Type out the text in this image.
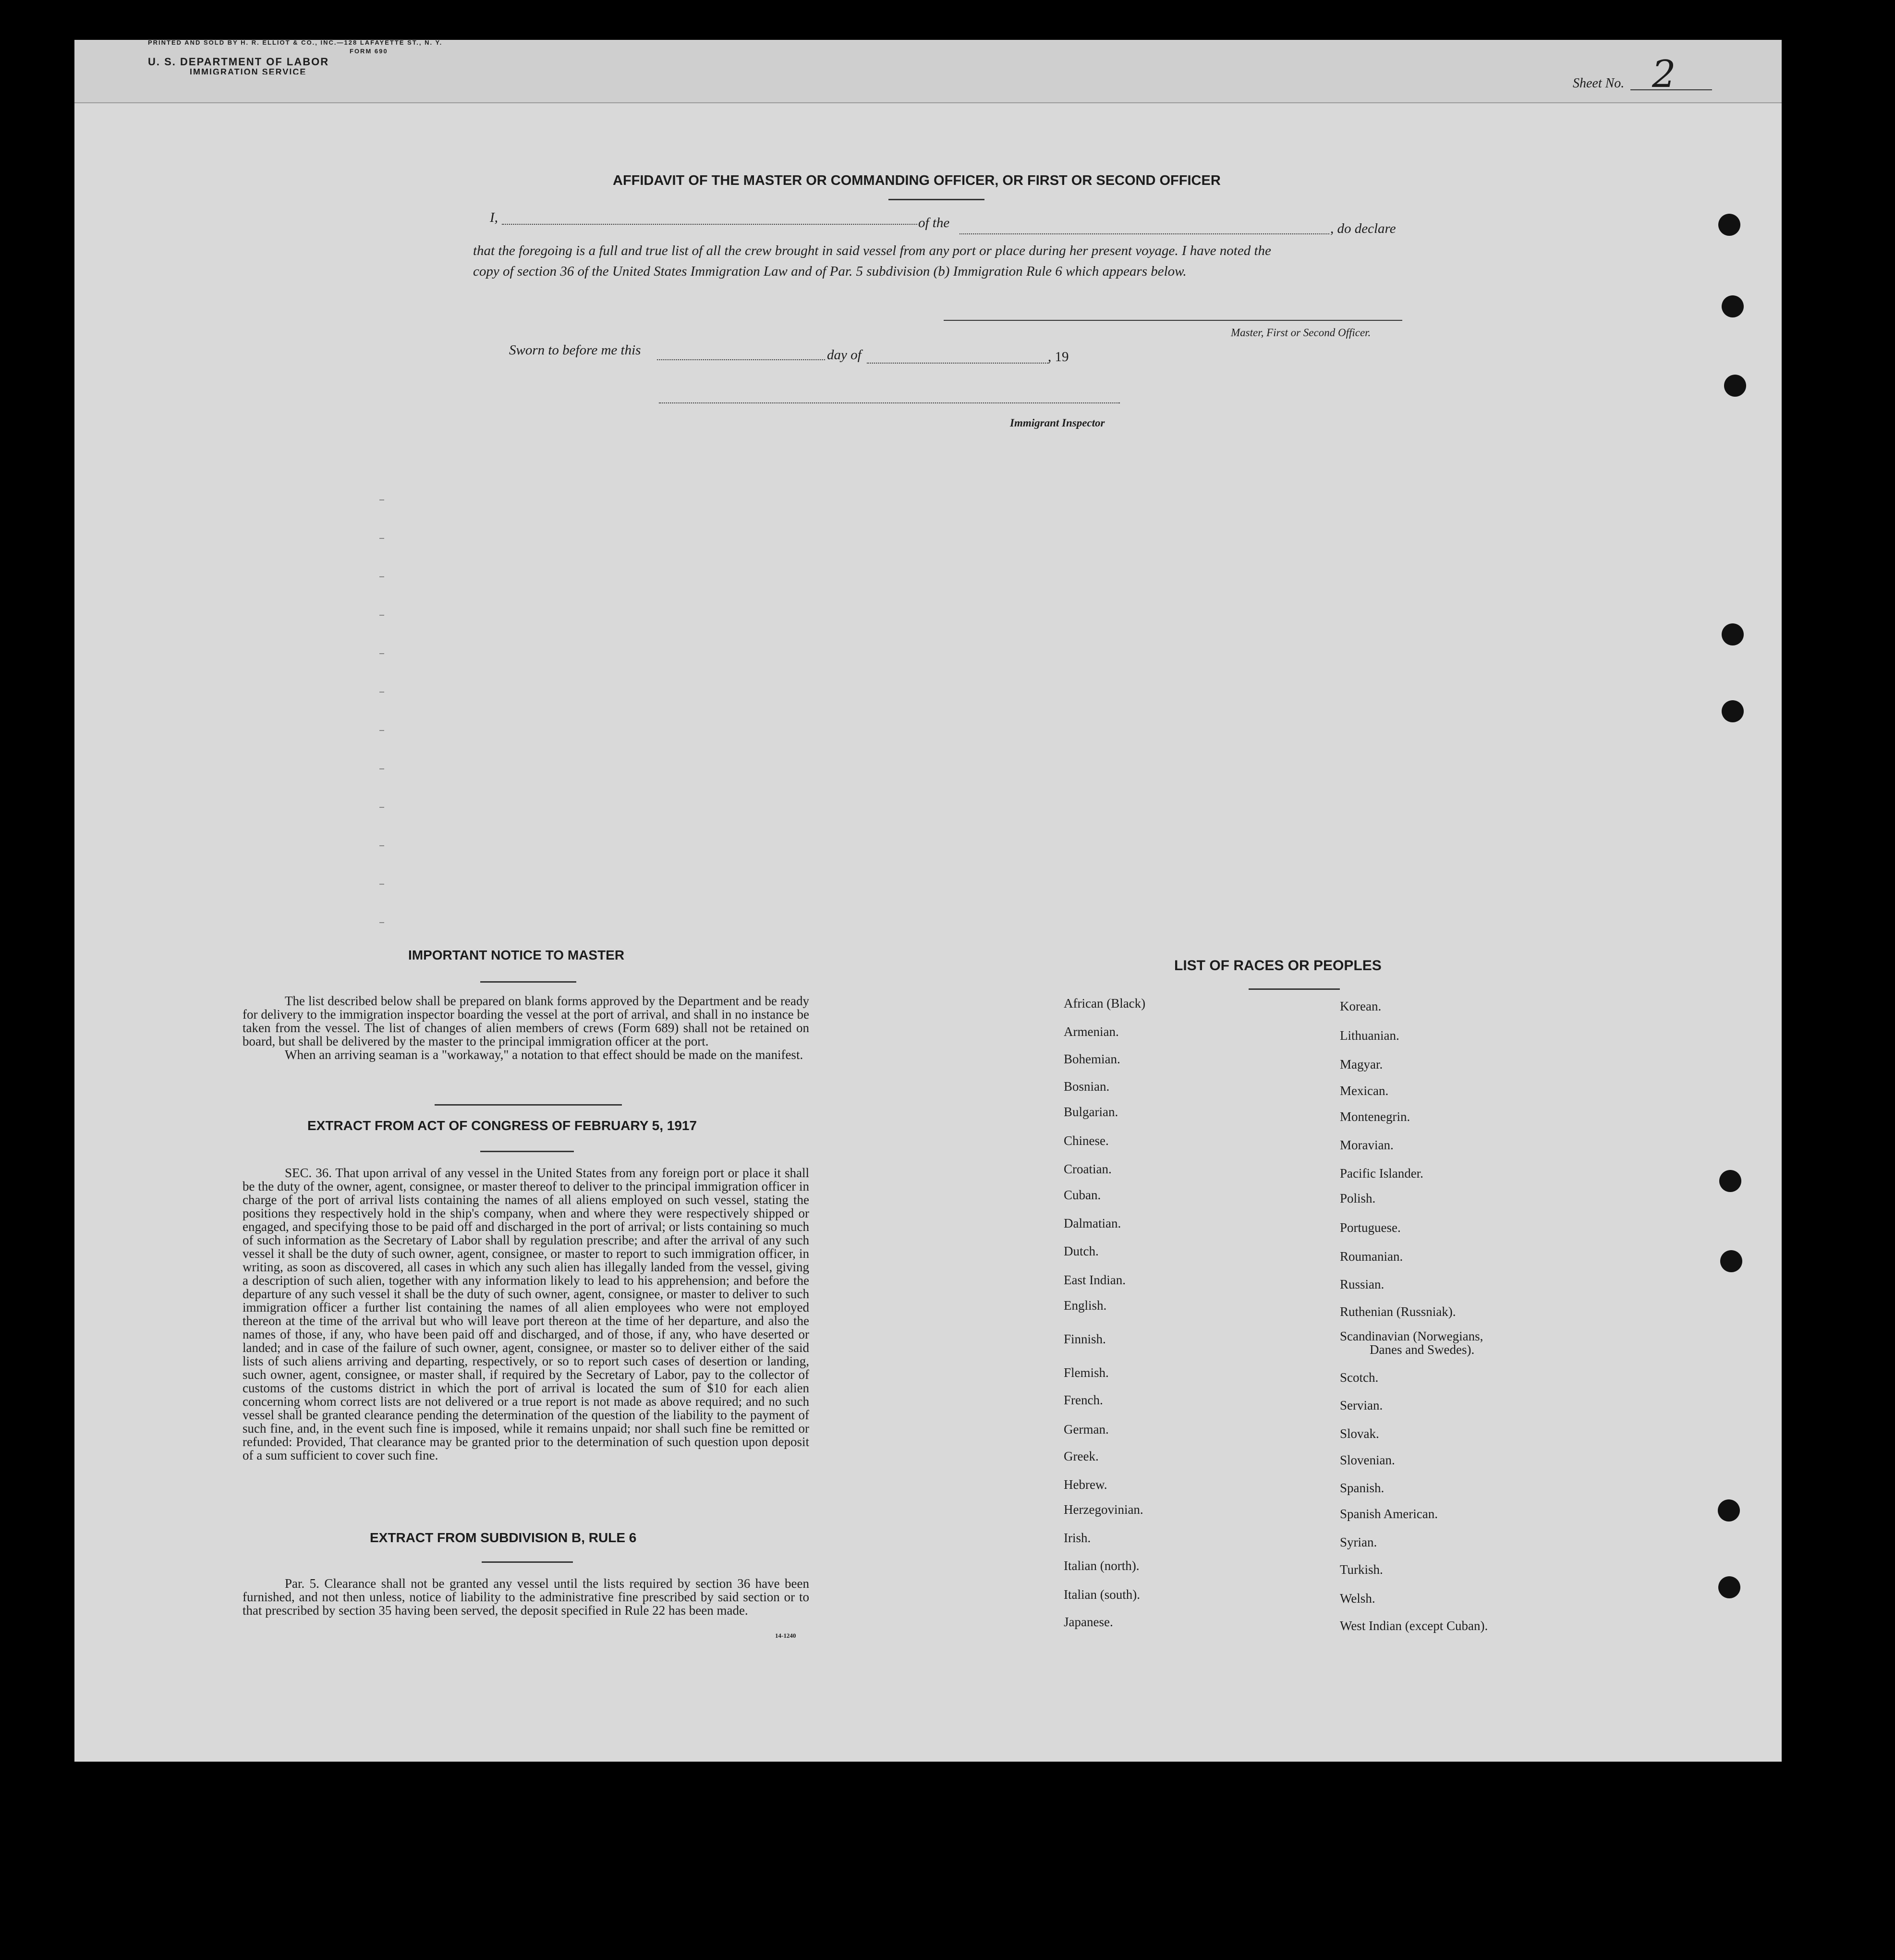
PRINTED AND SOLD BY H. R. ELLIOT & CO., INC.—128 LAFAYETTE ST., N. Y.
FORM 690
U. S. DEPARTMENT OF LABOR
IMMIGRATION SERVICE
Sheet No. 2
AFFIDAVIT OF THE MASTER OR COMMANDING OFFICER, OR FIRST OR SECOND OFFICER
I,	of the	, do declare
that the foregoing is a full and true list of all the crew brought in said vessel from any port or place during her present voyage. I have noted the
copy of section 36 of the United States Immigration Law and of Par. 5 subdivision (b) Immigration Rule 6 which appears below.
Master, First or Second Officer.
Sworn to before me this	day of	, 19
Immigrant Inspector
IMPORTANT NOTICE TO MASTER

The list described below shall be prepared on blank forms approved by the Department and be ready for delivery to the immigration inspector boarding the vessel at the port of arrival, and shall in no instance be taken from the vessel. The list of changes of alien members of crews (Form 689) shall not be retained on board, but shall be delivered by the master to the principal immigration officer at the port.

When an arriving seaman is a "workaway," a notation to that effect should be made on the manifest.

EXTRACT FROM ACT OF CONGRESS OF FEBRUARY 5, 1917

SEC. 36. That upon arrival of any vessel in the United States from any foreign port or place it shall be the duty of the owner, agent, consignee, or master thereof to deliver to the principal immigration officer in charge of the port of arrival lists containing the names of all aliens employed on such vessel, stating the positions they respectively hold in the ship's company, when and where they were respectively shipped or engaged, and specifying those to be paid off and discharged in the port of arrival; or lists containing so much of such information as the Secretary of Labor shall by regulation prescribe; and after the arrival of any such vessel it shall be the duty of such owner, agent, consignee, or master to report to such immigration officer, in writing, as soon as discovered, all cases in which any such alien has illegally landed from the vessel, giving a description of such alien, together with any information likely to lead to his apprehension; and before the departure of any such vessel it shall be the duty of such owner, agent, consignee, or master to deliver to such immigration officer a further list containing the names of all alien employees who were not employed thereon at the time of the arrival but who will leave port thereon at the time of her departure, and also the names of those, if any, who have been paid off and discharged, and of those, if any, who have deserted or landed; and in case of the failure of such owner, agent, consignee, or master so to deliver either of the said lists of such aliens arriving and departing, respectively, or so to report such cases of desertion or landing, such owner, agent, consignee, or master shall, if required by the Secretary of Labor, pay to the collector of customs of the customs district in which the port of arrival is located the sum of $10 for each alien concerning whom correct lists are not delivered or a true report is not made as above required; and no such vessel shall be granted clearance pending the determination of the question of the liability to the payment of such fine, and, in the event such fine is imposed, while it remains unpaid; nor shall such fine be remitted or refunded: Provided, That clearance may be granted prior to the determination of such question upon deposit of a sum sufficient to cover such fine.

EXTRACT FROM SUBDIVISION B, RULE 6

Par. 5. Clearance shall not be granted any vessel until the lists required by section 36 have been furnished, and not then unless, notice of liability to the administrative fine prescribed by said section or to that prescribed by section 35 having been served, the deposit specified in Rule 22 has been made.

14-1240
LIST OF RACES OR PEOPLES
African (Black)
Armenian.
Bohemian.
Bosnian.
Bulgarian.
Chinese.
Croatian.
Cuban.
Dalmatian.
Dutch.
East Indian.
English.
Finnish.
Flemish.
French.
German.
Greek.
Hebrew.
Herzegovinian.
Irish.
Italian (north).
Italian (south).
Japanese.
Korean.
Lithuanian.
Magyar.
Mexican.
Montenegrin.
Moravian.
Pacific Islander.
Polish.
Portuguese.
Roumanian.
Russian.
Ruthenian (Russniak).
Scandinavian (Norwegians,
Danes and Swedes).
Scotch.
Servian.
Slovak.
Slovenian.
Spanish.
Spanish American.
Syrian.
Turkish.
Welsh.
West Indian (except Cuban).
